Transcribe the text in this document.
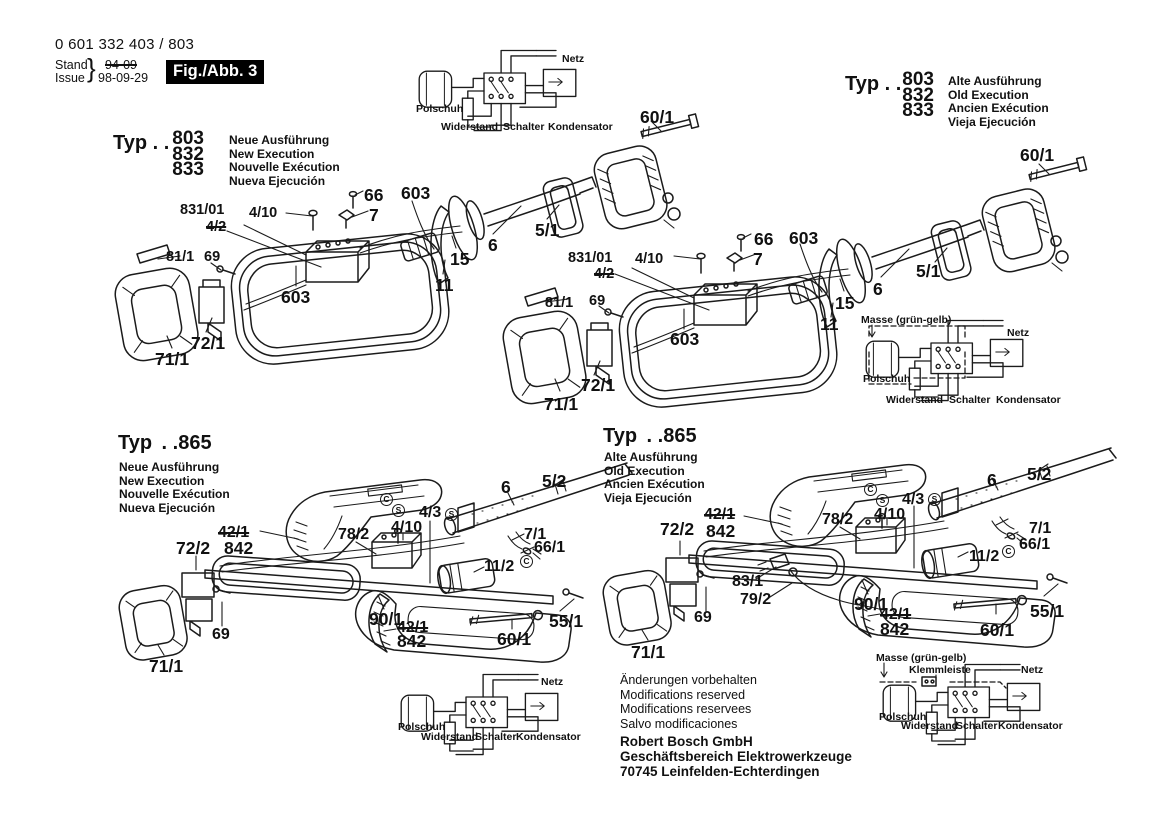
0 601 332 403 / 803
Stand } 94-09
Issue 98-09-29	Fig./Abb. 3
Typ . . 803
832
833
Neue Ausführung
New Execution
Nouvelle Exécution
Nueva Ejecución
Typ . . 803
832
833
Alte Ausführung
Old Execution
Ancien Exécution
Vieja Ejecución
Typ . .865
Neue Ausführung
New Execution
Nouvelle Exécution
Nueva Ejecución
Typ . .865
Alte Ausführung
Old Execution
Ancien Exécution
Vieja Ejecución
66 603
831/01 4/10	7
4/2
81/1 69
603
72/1
71/1
15
11
6
5/1
60/1
66 603
831/01 4/10	7
4/2
81/1 69
603
72/1
71/1
15
11
6
5/1
60/1
5/2
6
4/3
4/10
78/2
42/1
842
72/2
7/1
66/1
11/2
90/1
42/1
842	60/1
55/1
69
71/1
5/2
6
4/3
4/10
78/2
42/1
842
72/2	7/1
66/1
11/2
83/1
79/2	90/1
42/1
842	60/1
55/1
69
71/1
C
S	S
C
C
S	S
C
Netz
Polschuh
Widerstand Schalter Kondensator
Masse (grün-gelb)
Netz
Polschuh
Widerstand Schalter Kondensator
Netz
Polschuh
Widerstand
Schalter Kondensator
Masse (grün-gelb)
Klemmleiste	Netz
Polschuh
Widerstand
Schalter Kondensator
Änderungen vorbehalten
Modifications reserved
Modifications reservees
Salvo modificaciones
Robert Bosch GmbH
Geschäftsbereich Elektrowerkzeuge
70745 Leinfelden-Echterdingen
